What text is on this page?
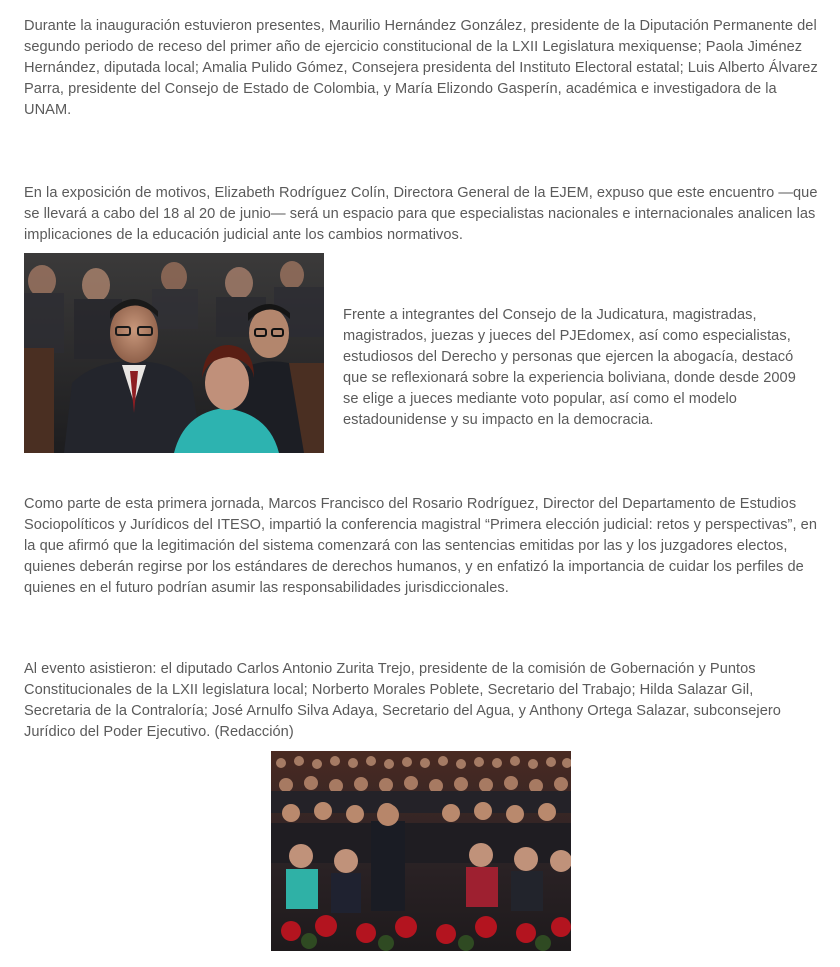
Durante la inauguración estuvieron presentes, Maurilio Hernández González, presidente de la Diputación Permanente del segundo periodo de receso del primer año de ejercicio constitucional de la LXII Legislatura mexiquense; Paola Jiménez Hernández, diputada local; Amalia Pulido Gómez, Consejera presidenta del Instituto Electoral estatal; Luis Alberto Álvarez Parra, presidente del Consejo de Estado de Colombia, y María Elizondo Gasperín, académica e investigadora de la UNAM.

En la exposición de motivos, Elizabeth Rodríguez Colín, Directora General de la EJEM, expuso que este encuentro —que se llevará a cabo del 18 al 20 de junio— será un espacio para que especialistas nacionales e internacionales analicen las implicaciones de la educación judicial ante los cambios normativos.

Frente a integrantes del Consejo de la Judicatura, magistradas, magistrados, juezas y jueces del PJEdomex, así como especialistas, estudiosos del Derecho y personas que ejercen la abogacía, destacó que se reflexionará sobre la experiencia boliviana, donde desde 2009 se elige a jueces mediante voto popular, así como el modelo estadounidense y su impacto en la democracia.

Como parte de esta primera jornada, Marcos Francisco del Rosario Rodríguez, Director del Departamento de Estudios Sociopolíticos y Jurídicos del ITESO, impartió la conferencia magistral “Primera elección judicial: retos y perspectivas”, en la que afirmó que la legitimación del sistema comenzará con las sentencias emitidas por las y los juzgadores electos, quienes deberán regirse por los estándares de derechos humanos, y en enfatizó la importancia de cuidar los perfiles de quienes en el futuro podrían asumir las responsabilidades jurisdiccionales.

Al evento asistieron: el diputado Carlos Antonio Zurita Trejo, presidente de la comisión de Gobernación y Puntos Constitucionales de la LXII legislatura local; Norberto Morales Poblete, Secretario del Trabajo; Hilda Salazar Gil, Secretaria de la Contraloría; José Arnulfo Silva Adaya, Secretario del Agua, y Anthony Ortega Salazar, subconsejero Jurídico del Poder Ejecutivo. (Redacción)
